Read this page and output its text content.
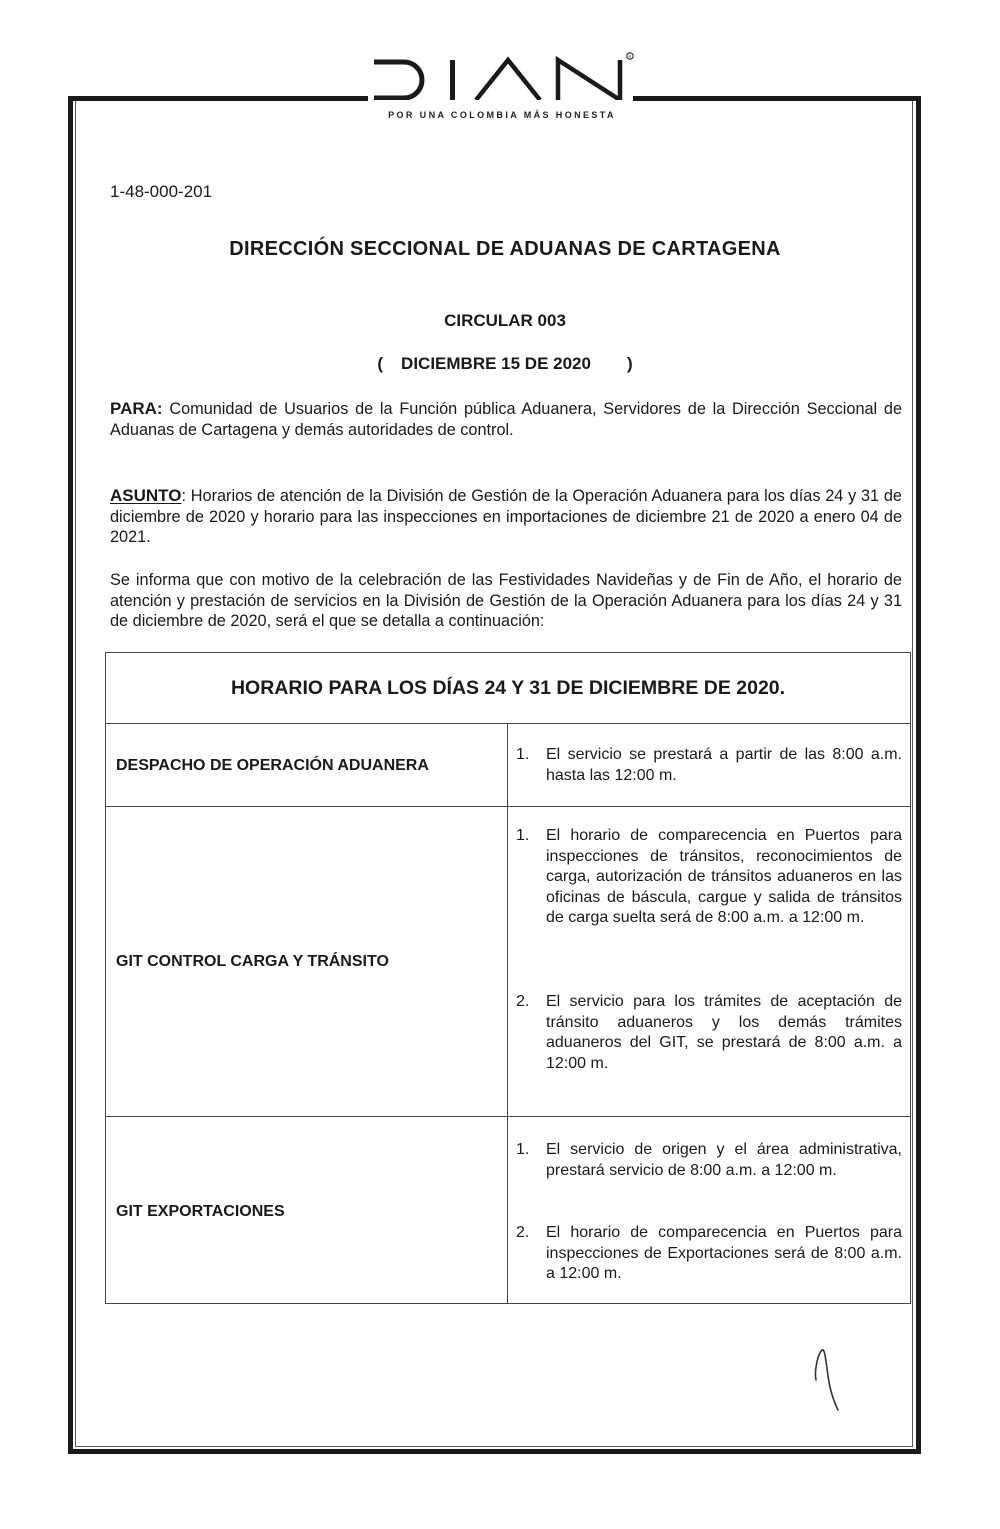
R
POR UNA COLOMBIA MÁS HONESTA
1-48-000-201
DIRECCIÓN SECCIONAL DE ADUANAS DE CARTAGENA
CIRCULAR 003
( DICIEMBRE 15 DE 2020 )
PARA: Comunidad de Usuarios de la Función pública Aduanera, Servidores de la Dirección Seccional de Aduanas de Cartagena y demás autoridades de control.
ASUNTO: Horarios de atención de la División de Gestión de la Operación Aduanera para los días 24 y 31 de diciembre de 2020 y horario para las inspecciones en importaciones de diciembre 21 de 2020 a enero 04 de 2021.
Se informa que con motivo de la celebración de las Festividades Navideñas y de Fin de Año, el horario de atención y prestación de servicios en la División de Gestión de la Operación Aduanera para los días 24 y 31 de diciembre de 2020, será el que se detalla a continuación:
HORARIO PARA LOS DÍAS 24 Y 31 DE DICIEMBRE DE 2020.
DESPACHO DE OPERACIÓN ADUANERA
1. El servicio se prestará a partir de las 8:00 a.m. hasta las 12:00 m.
GIT CONTROL CARGA Y TRÁNSITO
1. El horario de comparecencia en Puertos para inspecciones de tránsitos, reconocimientos de carga, autorización de tránsitos aduaneros en las oficinas de báscula, cargue y salida de tránsitos de carga suelta será de 8:00 a.m. a 12:00 m.
2. El servicio para los trámites de aceptación de tránsito aduaneros y los demás trámites aduaneros del GIT, se prestará de 8:00 a.m. a 12:00 m.
GIT EXPORTACIONES
1. El servicio de origen y el área administrativa, prestará servicio de 8:00 a.m. a 12:00 m.
2. El horario de comparecencia en Puertos para inspecciones de Exportaciones será de 8:00 a.m. a 12:00 m.
